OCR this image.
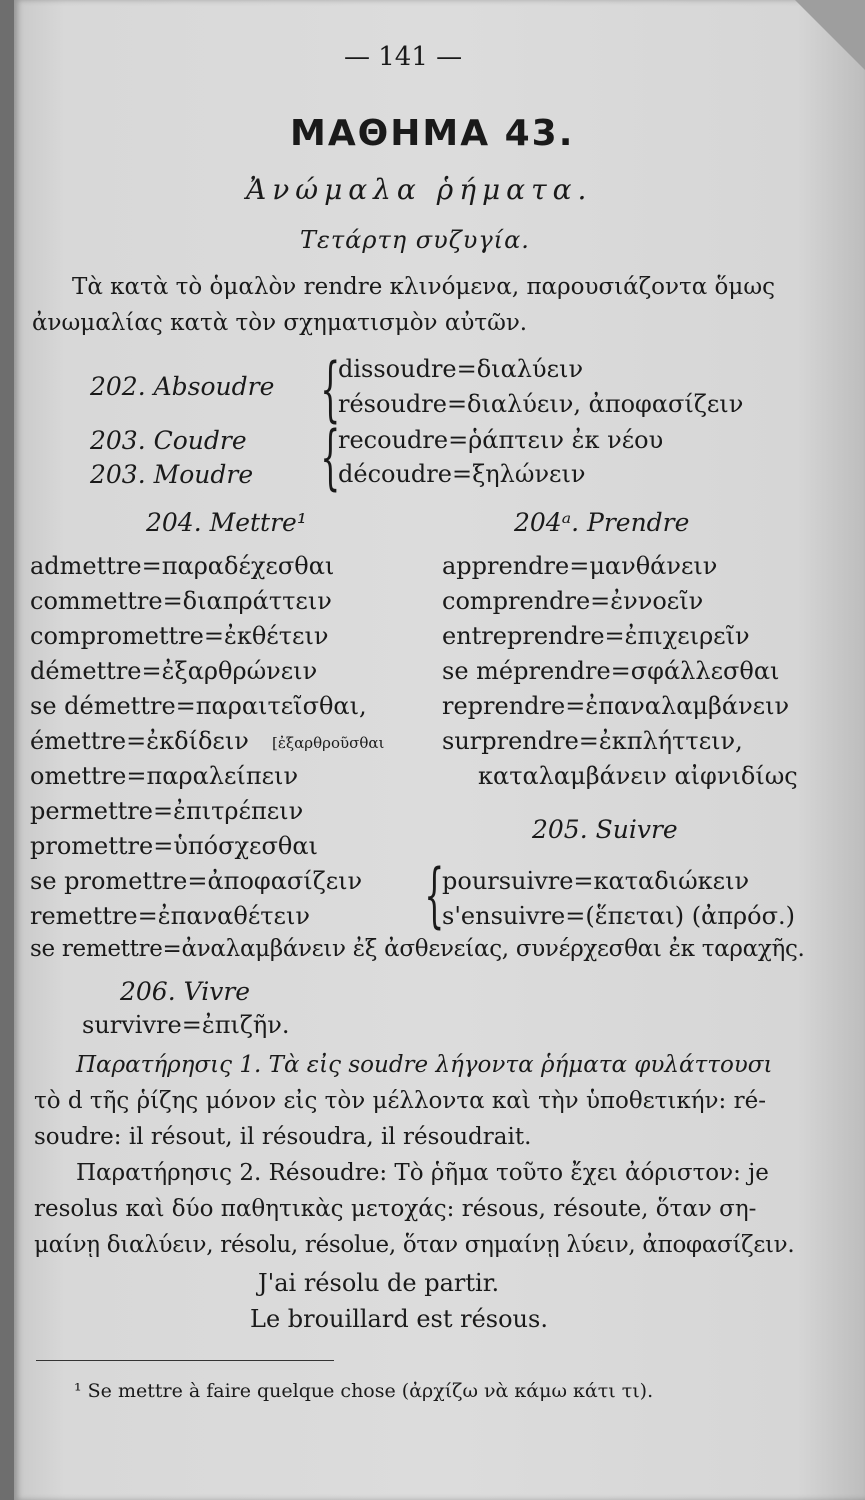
— 141 —
ΜΑΘΗΜΑ 43.
Ἀνώμαλα ῥήματα.
Τετάρτη συζυγία.
Τὰ κατὰ τὸ ὁμαλὸν rendre κλινόμενα, παρουσιάζοντα ὅμως
ἀνωμαλίας κατὰ τὸν σχηματισμὸν αὐτῶν.
202. Absoudre {
dissoudre=διαλύειν
résoudre=διαλύειν, ἀποφασίζειν
203. Coudre
203. Moudre {
recoudre=ῥάπτειν ἐκ νέου
découdre=ξηλώνειν
204. Mettre¹
admettre=παραδέχεσθαι
commettre=διαπράττειν
compromettre=ἐκθέτειν
démettre=ἐξαρθρώνειν
se démettre=παραιτεῖσθαι,
émettre=ἐκδίδειν [ἐξαρθροῦσθαι
omettre=παραλείπειν
permettre=ἐπιτρέπειν
promettre=ὑπόσχεσθαι
se promettre=ἀποφασίζειν
remettre=ἐπαναθέτειν
se remettre=ἀναλαμβάνειν ἐξ ἀσθενείας, συνέρχεσθαι ἐκ ταραχῆς.
204ᵃ. Prendre
apprendre=μανθάνειν
comprendre=ἐννοεῖν
entreprendre=ἐπιχειρεῖν
se méprendre=σφάλλεσθαι
reprendre=ἐπαναλαμβάνειν
surprendre=ἐκπλήττειν,
καταλαμβάνειν αἰφνιδίως
205. Suivre
{
poursuivre=καταδιώκειν
s'ensuivre=(ἕπεται) (ἀπρόσ.)
206. Vivre
survivre=ἐπιζῆν.
Παρατήρησις 1. Τὰ εἰς soudre λήγοντα ῥήματα φυλάττουσι
τὸ d τῆς ῥίζης μόνον εἰς τὸν μέλλοντα καὶ τὴν ὑποθετικήν: ré-
soudre: il résout, il résoudra, il résoudrait.
Παρατήρησις 2. Résoudre: Τὸ ῥῆμα τοῦτο ἔχει ἀόριστον: je
resolus καὶ δύο παθητικὰς μετοχάς: résous, résoute, ὅταν ση-
μαίνῃ διαλύειν, résolu, résolue, ὅταν σημαίνῃ λύειν, ἀποφασίζειν.
J'ai résolu de partir.
Le brouillard est résous.
¹ Se mettre à faire quelque chose (ἀρχίζω νὰ κάμω κάτι τι).
